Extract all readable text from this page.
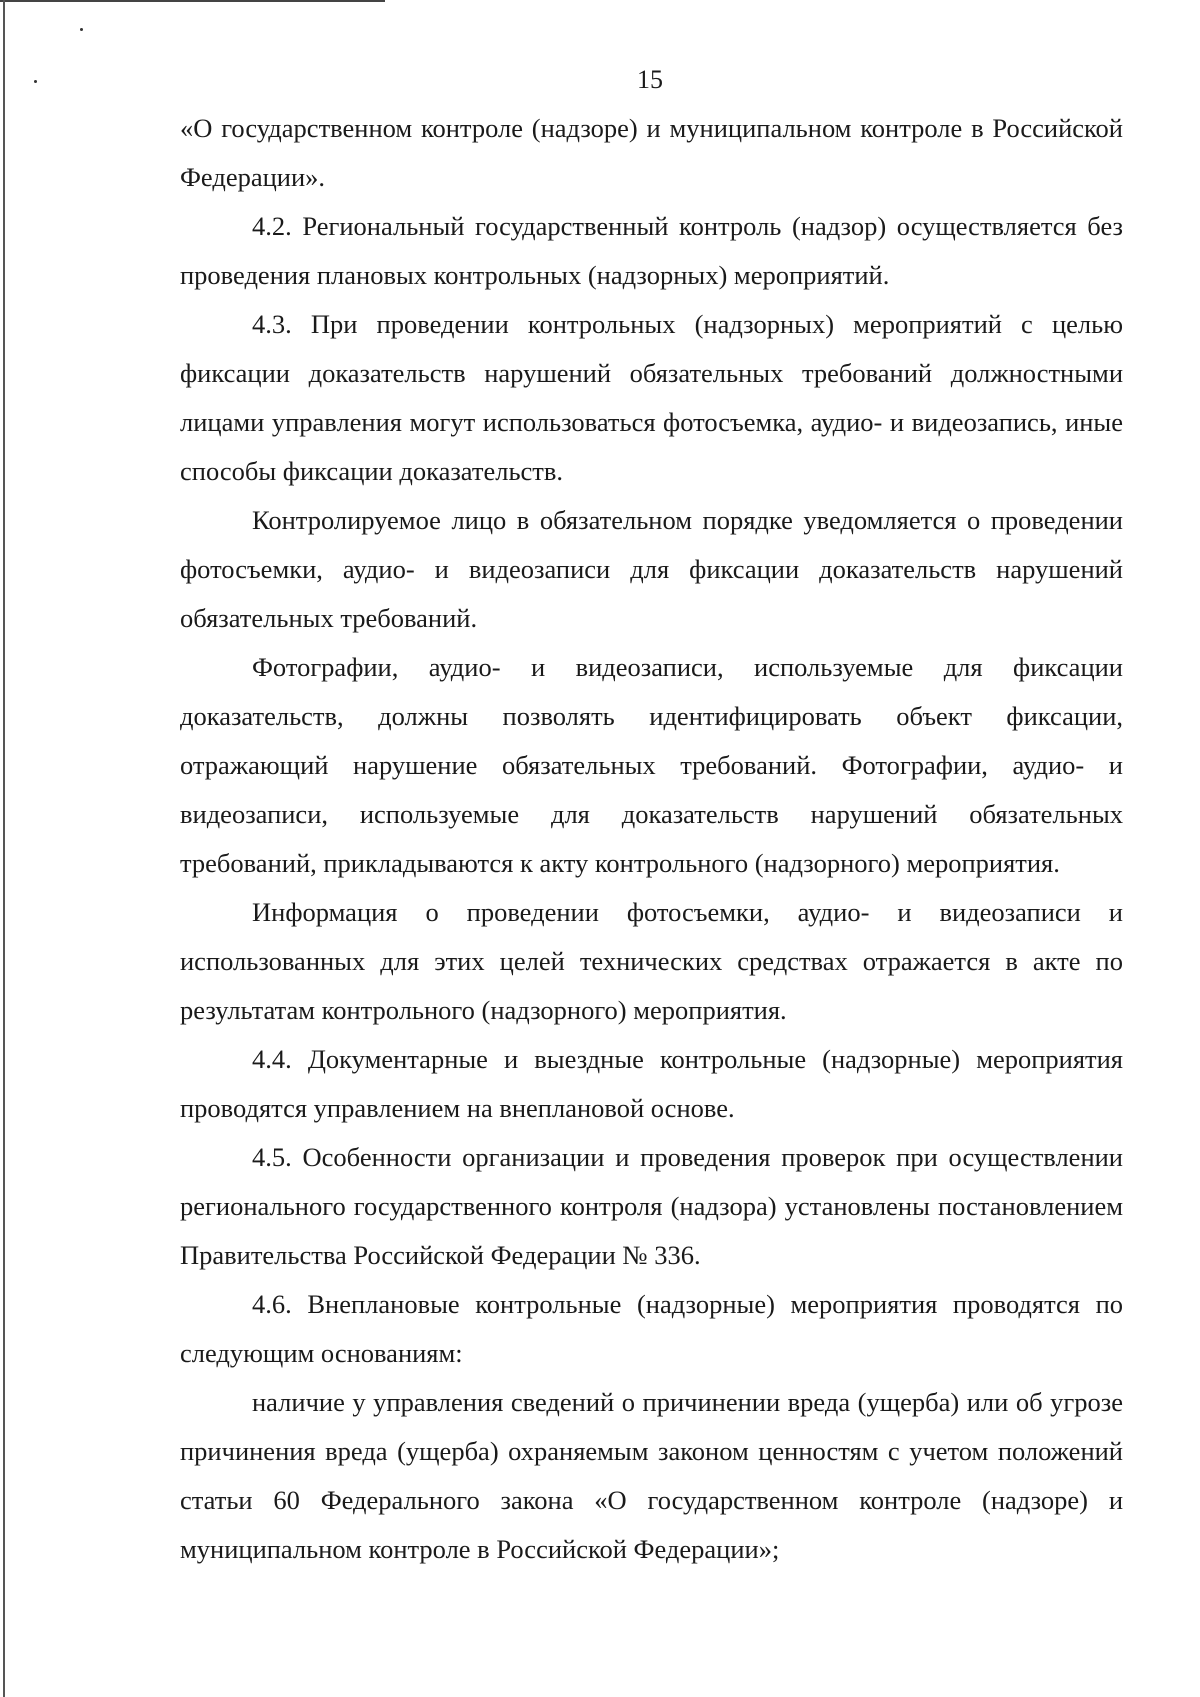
15

«О государственном контроле (надзоре) и муниципальном контроле в Российской Федерации».

4.2. Региональный государственный контроль (надзор) осуществляется без проведения плановых контрольных (надзорных) мероприятий.

4.3. При проведении контрольных (надзорных) мероприятий с целью фиксации доказательств нарушений обязательных требований должностными лицами управления могут использоваться фотосъемка, аудио- и видеозапись, иные способы фиксации доказательств.

Контролируемое лицо в обязательном порядке уведомляется о проведении фотосъемки, аудио- и видеозаписи для фиксации доказательств нарушений обязательных требований.

Фотографии, аудио- и видеозаписи, используемые для фиксации доказательств, должны позволять идентифицировать объект фиксации, отражающий нарушение обязательных требований. Фотографии, аудио- и видеозаписи, используемые для доказательств нарушений обязательных требований, прикладываются к акту контрольного (надзорного) мероприятия.

Информация о проведении фотосъемки, аудио- и видеозаписи и использованных для этих целей технических средствах отражается в акте по результатам контрольного (надзорного) мероприятия.

4.4. Документарные и выездные контрольные (надзорные) мероприятия проводятся управлением на внеплановой основе.

4.5. Особенности организации и проведения проверок при осуществлении регионального государственного контроля (надзора) установлены постановлением Правительства Российской Федерации № 336.

4.6. Внеплановые контрольные (надзорные) мероприятия проводятся по следующим основаниям:

наличие у управления сведений о причинении вреда (ущерба) или об угрозе причинения вреда (ущерба) охраняемым законом ценностям с учетом положений статьи 60 Федерального закона «О государственном контроле (надзоре) и муниципальном контроле в Российской Федерации»;
